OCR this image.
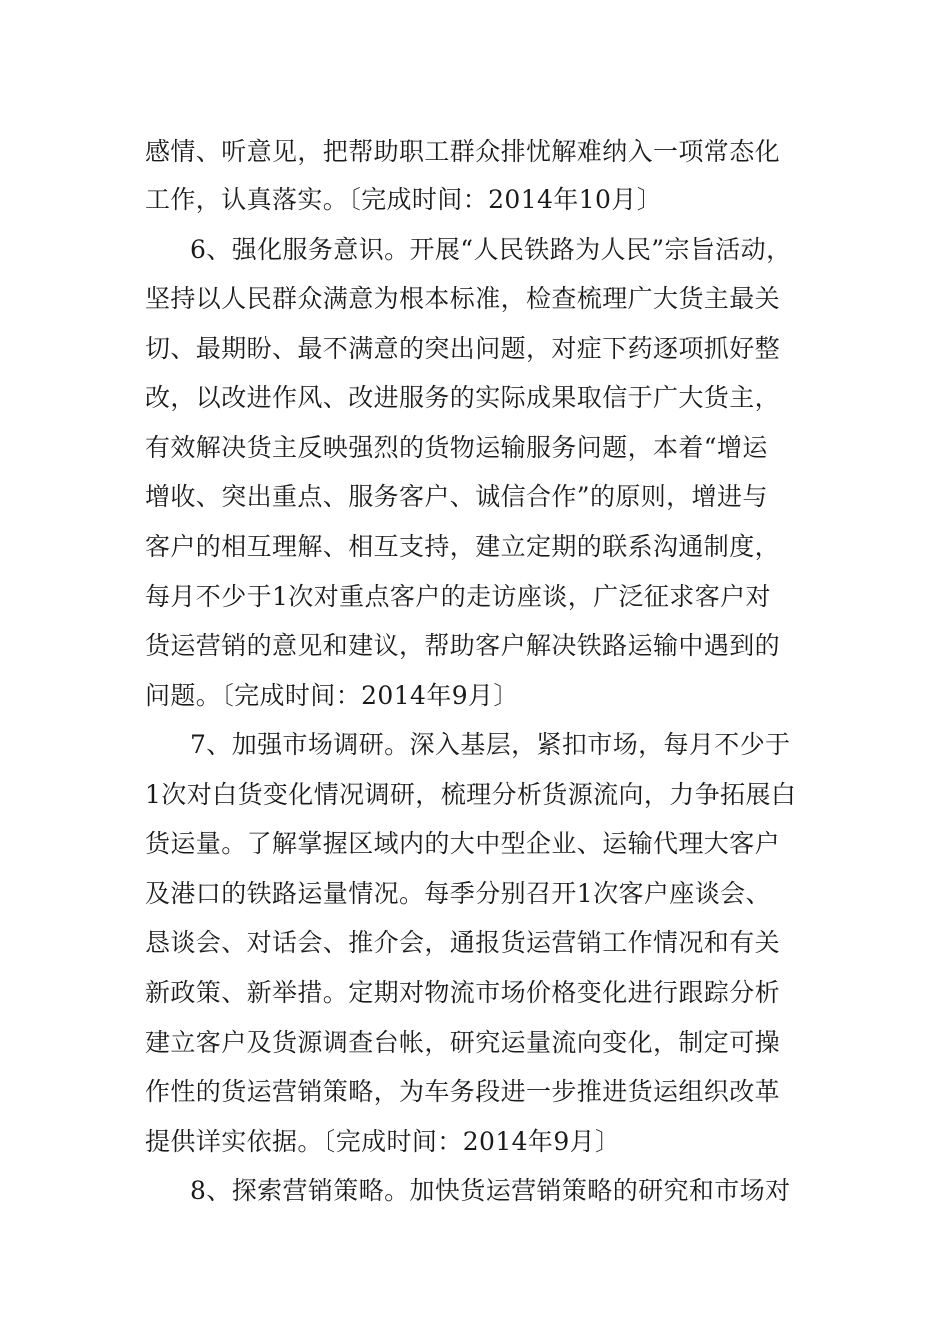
感情、听意见，把帮助职工群众排忧解难纳入一项常态化
工作，认真落实。〔完成时间：2014年10月〕
6、强化服务意识。开展“人民铁路为人民”宗旨活动，
坚持以人民群众满意为根本标准，检查梳理广大货主最关
切、最期盼、最不满意的突出问题，对症下药逐项抓好整
改，以改进作风、改进服务的实际成果取信于广大货主，
有效解决货主反映强烈的货物运输服务问题，本着“增运
增收、突出重点、服务客户、诚信合作”的原则，增进与
客户的相互理解、相互支持，建立定期的联系沟通制度，
每月不少于1次对重点客户的走访座谈，广泛征求客户对
货运营销的意见和建议，帮助客户解决铁路运输中遇到的
问题。〔完成时间：2014年9月〕
7、加强市场调研。深入基层，紧扣市场，每月不少于
1次对白货变化情况调研，梳理分析货源流向，力争拓展白
货运量。了解掌握区域内的大中型企业、运输代理大客户
及港口的铁路运量情况。每季分别召开1次客户座谈会、
恳谈会、对话会、推介会，通报货运营销工作情况和有关
新政策、新举措。定期对物流市场价格变化进行跟踪分析
建立客户及货源调查台帐，研究运量流向变化，制定可操
作性的货运营销策略，为车务段进一步推进货运组织改革
提供详实依据。〔完成时间：2014年9月〕
8、探索营销策略。加快货运营销策略的研究和市场对
